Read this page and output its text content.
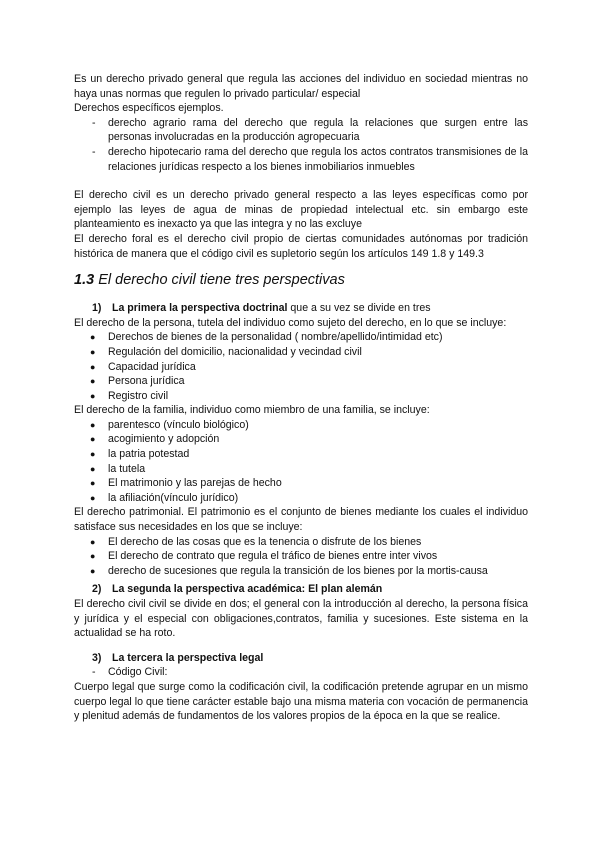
Es un derecho privado general que regula las acciones del individuo en sociedad mientras no haya unas normas que regulen lo privado particular/ especial

Derechos específicos ejemplos.

-	derecho agrario rama del derecho que regula la relaciones que surgen entre las personas involucradas en la producción agropecuaria
-	derecho hipotecario rama del derecho que regula los actos contratos transmisiones de la relaciones jurídicas respecto a los bienes inmobiliarios inmuebles

El derecho civil es un derecho privado general respecto a las leyes específicas como por ejemplo las leyes de agua de minas de propiedad intelectual etc. sin embargo este planteamiento es inexacto ya que las integra y no las excluye

El derecho foral es el derecho civil propio de ciertas comunidades autónomas por tradición histórica de manera que el código civil es supletorio según los artículos 149 1.8 y 149.3

1.3 El derecho civil tiene tres perspectivas
1) La primera la perspectiva doctrinal que a su vez se divide en tres

El derecho de la persona, tutela del individuo como sujeto del derecho, en lo que se incluye:

● Derechos de bienes de la personalidad ( nombre/apellido/intimidad etc)
● Regulación del domicilio, nacionalidad y vecindad civil
● Capacidad jurídica
● Persona jurídica
● Registro civil

El derecho de la familia, individuo como miembro de una familia, se incluye:

● parentesco (vínculo biológico)
● acogimiento y adopción
● la patria potestad
● la tutela
● El matrimonio y las parejas de hecho
● la afiliación(vínculo jurídico)

El derecho patrimonial. El patrimonio es el conjunto de bienes mediante los cuales el individuo satisface sus necesidades en los que se incluye:

● El derecho de las cosas que es la tenencia o disfrute de los bienes
● El derecho de contrato que regula el tráfico de bienes entre inter vivos
● derecho de sucesiones que regula la transición de los bienes por la mortis-causa
2) La segunda la perspectiva académica: El plan alemán

El derecho civil civil se divide en dos; el general con la introducción al derecho, la persona física y jurídica y el especial con obligaciones,contratos, familia y sucesiones. Este sistema en la actualidad se ha roto.

3) La tercera la perspectiva legal
- Código Civil:

Cuerpo legal que surge como la codificación civil, la codificación pretende agrupar en un mismo cuerpo legal lo que tiene carácter estable bajo una misma materia con vocación de permanencia y plenitud además de fundamentos de los valores propios de la época en la que se realice.
